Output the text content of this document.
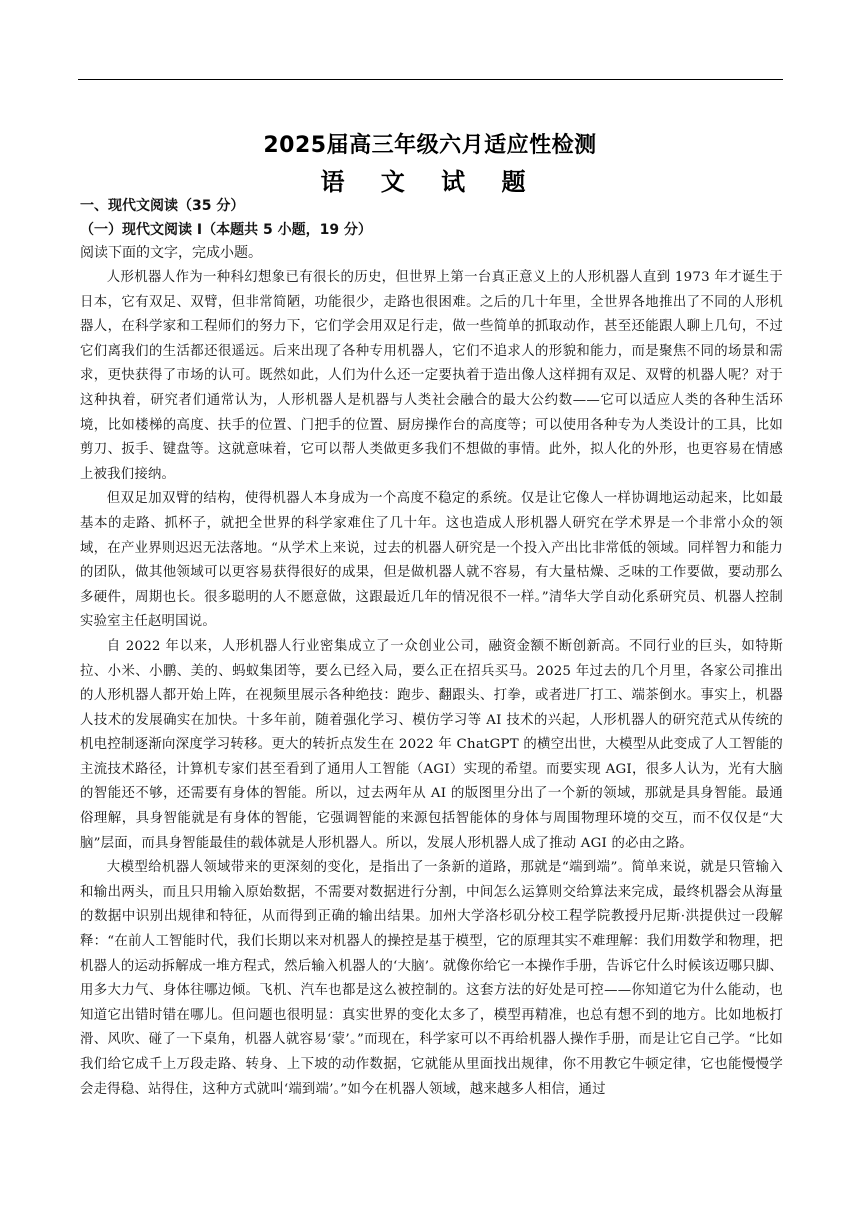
2025届高三年级六月适应性检测
语 文 试 题
一、现代文阅读（35 分）
（一）现代文阅读 Ⅰ（本题共 5 小题，19 分）
阅读下面的文字，完成小题。

人形机器人作为一种科幻想象已有很长的历史，但世界上第一台真正意义上的人形机器人直到 1973 年才诞生于日本，它有双足、双臂，但非常简陋，功能很少，走路也很困难。之后的几十年里，全世界各地推出了不同的人形机器人，在科学家和工程师们的努力下，它们学会用双足行走，做一些简单的抓取动作，甚至还能跟人聊上几句，不过它们离我们的生活都还很遥远。后来出现了各种专用机器人，它们不追求人的形貌和能力，而是聚焦不同的场景和需求，更快获得了市场的认可。既然如此，人们为什么还一定要执着于造出像人这样拥有双足、双臂的机器人呢？对于这种执着，研究者们通常认为，人形机器人是机器与人类社会融合的最大公约数——它可以适应人类的各种生活环境，比如楼梯的高度、扶手的位置、门把手的位置、厨房操作台的高度等；可以使用各种专为人类设计的工具，比如剪刀、扳手、键盘等。这就意味着，它可以帮人类做更多我们不想做的事情。此外，拟人化的外形，也更容易在情感上被我们接纳。

但双足加双臂的结构，使得机器人本身成为一个高度不稳定的系统。仅是让它像人一样协调地运动起来，比如最基本的走路、抓杯子，就把全世界的科学家难住了几十年。这也造成人形机器人研究在学术界是一个非常小众的领域，在产业界则迟迟无法落地。“从学术上来说，过去的机器人研究是一个投入产出比非常低的领域。同样智力和能力的团队，做其他领域可以更容易获得很好的成果，但是做机器人就不容易，有大量枯燥、乏味的工作要做，要动那么多硬件，周期也长。很多聪明的人不愿意做，这跟最近几年的情况很不一样。”清华大学自动化系研究员、机器人控制实验室主任赵明国说。

自 2022 年以来，人形机器人行业密集成立了一众创业公司，融资金额不断创新高。不同行业的巨头，如特斯拉、小米、小鹏、美的、蚂蚁集团等，要么已经入局，要么正在招兵买马。2025 年过去的几个月里，各家公司推出的人形机器人都开始上阵，在视频里展示各种绝技：跑步、翻跟头、打拳，或者进厂打工、端茶倒水。事实上，机器人技术的发展确实在加快。十多年前，随着强化学习、模仿学习等 AI 技术的兴起，人形机器人的研究范式从传统的机电控制逐渐向深度学习转移。更大的转折点发生在 2022 年 ChatGPT 的横空出世，大模型从此变成了人工智能的主流技术路径，计算机专家们甚至看到了通用人工智能（AGI）实现的希望。而要实现 AGI，很多人认为，光有大脑的智能还不够，还需要有身体的智能。所以，过去两年从 AI 的版图里分出了一个新的领域，那就是具身智能。最通俗理解，具身智能就是有身体的智能，它强调智能的来源包括智能体的身体与周围物理环境的交互，而不仅仅是“大脑”层面，而具身智能最佳的载体就是人形机器人。所以，发展人形机器人成了推动 AGI 的必由之路。

大模型给机器人领域带来的更深刻的变化，是指出了一条新的道路，那就是“端到端”。简单来说，就是只管输入和输出两头，而且只用输入原始数据，不需要对数据进行分割，中间怎么运算则交给算法来完成，最终机器会从海量的数据中识别出规律和特征，从而得到正确的输出结果。加州大学洛杉矶分校工程学院教授丹尼斯·洪提供过一段解释：“在前人工智能时代，我们长期以来对机器人的操控是基于模型，它的原理其实不难理解：我们用数学和物理，把机器人的运动拆解成一堆方程式，然后输入机器人的‘大脑’。就像你给它一本操作手册，告诉它什么时候该迈哪只脚、用多大力气、身体往哪边倾。飞机、汽车也都是这么被控制的。这套方法的好处是可控——你知道它为什么能动，也知道它出错时错在哪儿。但问题也很明显：真实世界的变化太多了，模型再精准，也总有想不到的地方。比如地板打滑、风吹、碰了一下桌角，机器人就容易‘蒙’。”而现在，科学家可以不再给机器人操作手册，而是让它自己学。“比如我们给它成千上万段走路、转身、上下坡的动作数据，它就能从里面找出规律，你不用教它牛顿定律，它也能慢慢学会走得稳、站得住，这种方式就叫‘端到端’。”如今在机器人领域，越来越多人相信，通过
